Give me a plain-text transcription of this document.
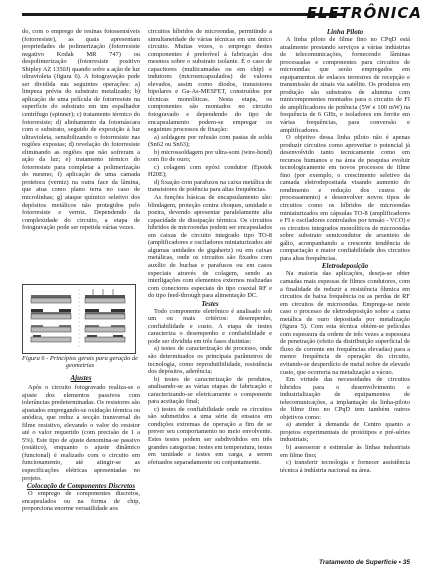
ELETRÔNICA

do, com o emprego de resinas fotossensíveis (fotorresiste), as quais apresentam propriedades de polimerização (fotorresiste negativo Kodak MR 747) ou despolimerização (fotorresiste positivo Shipley AZ 1350J) quando sofre a ação de luz ultravioleta (figura 6). A fotogravação pode ser dividida nas seguintes operações: a) limpeza prévia do substrato metalizado; b) aplicação de uma película de fotorresiste na superfície do substrato em um espalhador centrífugo (spinner); c) tratamento térmico do fotorresiste; d) alinhamento da fotomáscara com o substrato, seguido de exposição à luz ultravioleta, sensibilizando o fotorresiste nas regiões expostas; d) revelação do fotorresiste eliminando as regiões que não sofreram a ação da luz; e) tratamento térmico do fotorresiste para completar a polimerização do mesmo; f) aplicação de uma camada protetora (verniz) na outra face da lâmina, que atua como plano terra no caso de microlinhas; g) ataque químico seletivo dos depósitos metálicos não protegidos pelo fotorresiste e verniz. Dependendo da complexidade do circuito, a etapa de fotogravação pode ser repetida várias vezes.

Figura 6 - Princípios gerais para geração de geometrias
Ajustes

Após o circuito fotogravado realiza-se o ajuste dos elementos passivos com tolerâncias predeterminadas. Os resistores são ajustados empregando-se oxidação térmica ou anódica, que reduz a secção transversal do filme resistivo, elevando o valor do resistor até o valor requerido (com precisão de 1 a 5%). Este tipo de ajuste denomina-se passivo (estático), enquanto o ajuste dinâmico (funcional) é realizado com o circuito em funcionamento, até atingir-se as especificações elétricas apresentadas no projeto.

Colocação de Componentes Discretos

O emprego de componentes discretos, encapsulados ou na forma de chip, proporciona enorme versatilidade aos

circuitos híbridos de microondas, permitindo a simultaneidade de várias técnicas em um único circuito. Muitas vezes, o emprego destes componentes é preferível à fabricação dos mesmos sobre o substrato isolante. É o caso de capacitores (multicamadas ou em chip) e indutores (microencapsulados) de valores elevados, assim como diodos, transistores bipolares e Ga-As-MESFET, construídos por técnicas monolíticas. Nesta etapa, os componentes são montados no circuito fotogravado e dependendo do tipo de encapsulamento podem-se empregar os seguintes processos de fixação:

a) soldagem por refusão com pastas de solda (Sn62 ou Sn63);

b) microssoldagem por ultra-som (wire-hond) com fio de ouro;

c) colagem com epóxi condutor (Epotek H20E);

d) fixação com parafusos na caixa metálica de transistores de potência para altas frequências.

As funções básicas de encapsulamento são: blindagem, proteção contra choques, umidade e poeira, devendo apresentar paralelamente alta capacidade de dissipação térmica. Os circuitos híbridos de microondas podem ser encapsulados em caixas de circuito integrado tipo TO-8 (amplificadores e osciladores miniaturizados até algumas unidades de gigahertz) ou em caixas metálicas, onde os circuitos são fixados com auxílio de buchas e parafusos ou em casos especiais através de colagem, sendo as interligações com elementos externos realizadas com conectores especiais do tipo coaxial RF e do tipo feed-through para alimentação DC.

Testes

Todo componente eletrônico é analisado sob um ou mais critérios: desempenho, confiabilidade e custo. A etapa de testes caracteriza o desempenho e confiabilidade e pode ser dividida em três fases distintas:

a) testes de caracterização de processo, onde são determinados os principais parâmetros de tecnologia, como reprodutibilidade, resistência dos depósitos, aderência;

b) testes de caracterização de produtos, analisando-se as várias etapas de fabricação e caracterizando-se eletricamente o componente para aceitação final;

c) testes de confiabilidade onde os circuitos são submetidos a uma série de ensaios em condições extremas de operação a fim de se prever seu comportamento no meio envolvente. Estes testes podem ser subdivididos em três grandes categorias: testes em temperatura, testes em umidade e testes em carga, a serem efetuados separadamente ou conjuntamente.

Linha Piloto

A linha piloto de filme fino no CPqD está atualmente prestando serviços a várias indústrias de telecomunicações, fornecendo lâminas processadas e componentes para circuitos de microondas que serão empregados em equipamentos de enlaces terrestres de recepção e transmissão de sinais via satélite. Os produtos em produção são substratos de alumina com minicomponentes montados para o circuito de FI de amplificadores de potência (5W e 100 mW) na frequência de 6 GHz, e isoladores em ferrite em várias frequências, para conversão e amplificadores.

O objetivo dessa linha piloto não é apenas produzir circuitos como aproveitar o potencial já desenvolvido tanto tecnicamente como em recursos humanos e na área de pesquisa evoluir tecnologicamente em novos processos de filme fino (por exemplo, o crescimento seletivo da camada eletrodepositada visando aumento do rendimento e redução dos custos de processamento) e desenvolver novos tipos de circuitos como os híbridos de microondas miniaturizados em cápsulas TO-8 (amplificadores e FI e osciladores controlados por tensão - VCO) e os circuitos integrados monolíticos de microondas sobre substrato semicondutor de arsenieto de gálio, acompanhando a crescente tendência de compactação e maior confiabilidade dos circuitos para altas frequências.

Eletrodeposição

Na maioria das aplicações, deseja-se obter camadas mais espessas de filmes condutores, com a finalidade de reduzir a resistência ôhmica em circuitos de baixa frequência ou as perdas de RF em circuitos de microondas. Emprega-se neste caso o processo de eletrodeposição sobre a cama metálica de ouro depositada por metalização (figura 5). Com esta técnica obtém-se películas com espessura da ordem de três vezes a espessura de penetração (efeito da distribuição superficial de fluxo de corrente em frequências elevadas) para a menor frequência de operação do circuito, evitando-se desperdício de metal nobre de elevado custo, que ocorreria na metalização a vácuo.

Em virtude das necessidades de circuitos híbridos para o desenvolvimento e industrialização de equipamentos de telecomunicações, a implantação da linha-piloto de filme fino no CPqD tem também outros objetivos como:

a) atender à demanda de Centro quanto a projetos experimentais de protótipos e pré-séries industriais;

b) assessorar e estimular às linhas industriais em filme fino;

c) transferir tecnologia e fornecer assistência técnica à indústria nacional na área.

Tratamento de Superfície • 35
